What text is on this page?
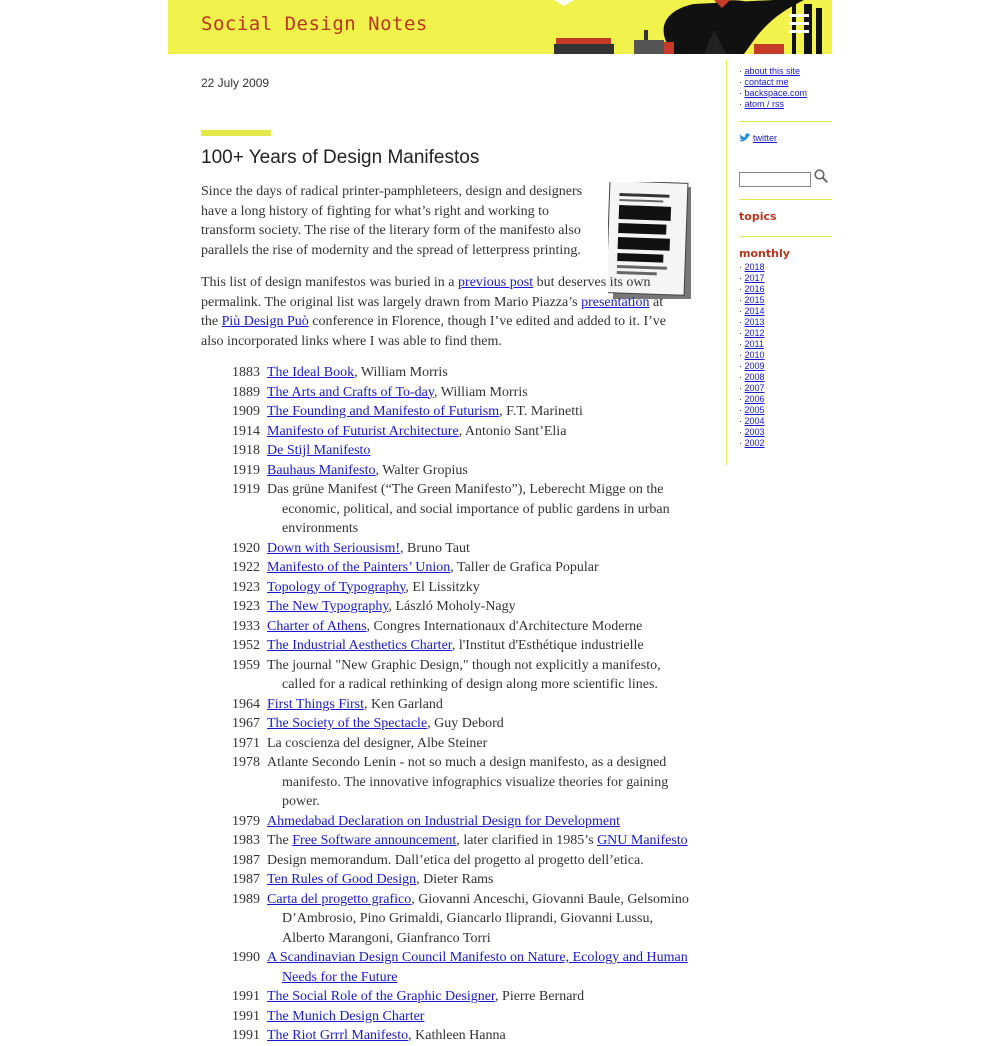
Social Design Notes
22 July 2009
100+ Years of Design Manifestos

Since the days of radical printer-pamphleteers, design and designers have a long history of fighting for what’s right and working to transform society. The rise of the literary form of the manifesto also parallels the rise of modernity and the spread of letterpress printing.

This list of design manifestos was buried in a previous post but deserves its own permalink. The original list was largely drawn from Mario Piazza’s presentation at the Più Design Può conference in Florence, though I’ve edited and added to it. I’ve also incorporated links where I was able to find them.

1883 The Ideal Book, William Morris
1889 The Arts and Crafts of To-day, William Morris
1909 The Founding and Manifesto of Futurism, F.T. Marinetti
1914 Manifesto of Futurist Architecture, Antonio Sant’Elia
1918 De Stijl Manifesto
1919 Bauhaus Manifesto, Walter Gropius
1919 Das grüne Manifest (“The Green Manifesto”), Leberecht Migge on the economic, political, and social importance of public gardens in urban environments
1920 Down with Seriousism!, Bruno Taut
1922 Manifesto of the Painters’ Union, Taller de Grafica Popular
1923 Topology of Typography, El Lissitzky
1923 The New Typography, László Moholy-Nagy
1933 Charter of Athens, Congres Internationaux d'Architecture Moderne
1952 The Industrial Aesthetics Charter, l'Institut d'Esthétique industrielle
1959 The journal "New Graphic Design," though not explicitly a manifesto, called for a radical rethinking of design along more scientific lines.
1964 First Things First, Ken Garland
1967 The Society of the Spectacle, Guy Debord
1971 La coscienza del designer, Albe Steiner
1978 Atlante Secondo Lenin - not so much a design manifesto, as a designed manifesto. The innovative infographics visualize theories for gaining power.
1979 Ahmedabad Declaration on Industrial Design for Development
1983 The Free Software announcement, later clarified in 1985’s GNU Manifesto
1987 Design memorandum. Dall’etica del progetto al progetto dell’etica.
1987 Ten Rules of Good Design, Dieter Rams
1989 Carta del progetto grafico, Giovanni Anceschi, Giovanni Baule, Gelsomino D’Ambrosio, Pino Grimaldi, Giancarlo Iliprandi, Giovanni Lussu, Alberto Marangoni, Gianfranco Torri
1990 A Scandinavian Design Council Manifesto on Nature, Ecology and Human Needs for the Future
1991 The Social Role of the Graphic Designer, Pierre Bernard
1991 The Munich Design Charter
1991 The Riot Grrrl Manifesto, Kathleen Hanna
· about this site
· contact me
· backspace.com
· atom / rss
twitter
topics
monthly
· 2018
· 2017
· 2016
· 2015
· 2014
· 2013
· 2012
· 2011
· 2010
· 2009
· 2008
· 2007
· 2006
· 2005
· 2004
· 2003
· 2002
